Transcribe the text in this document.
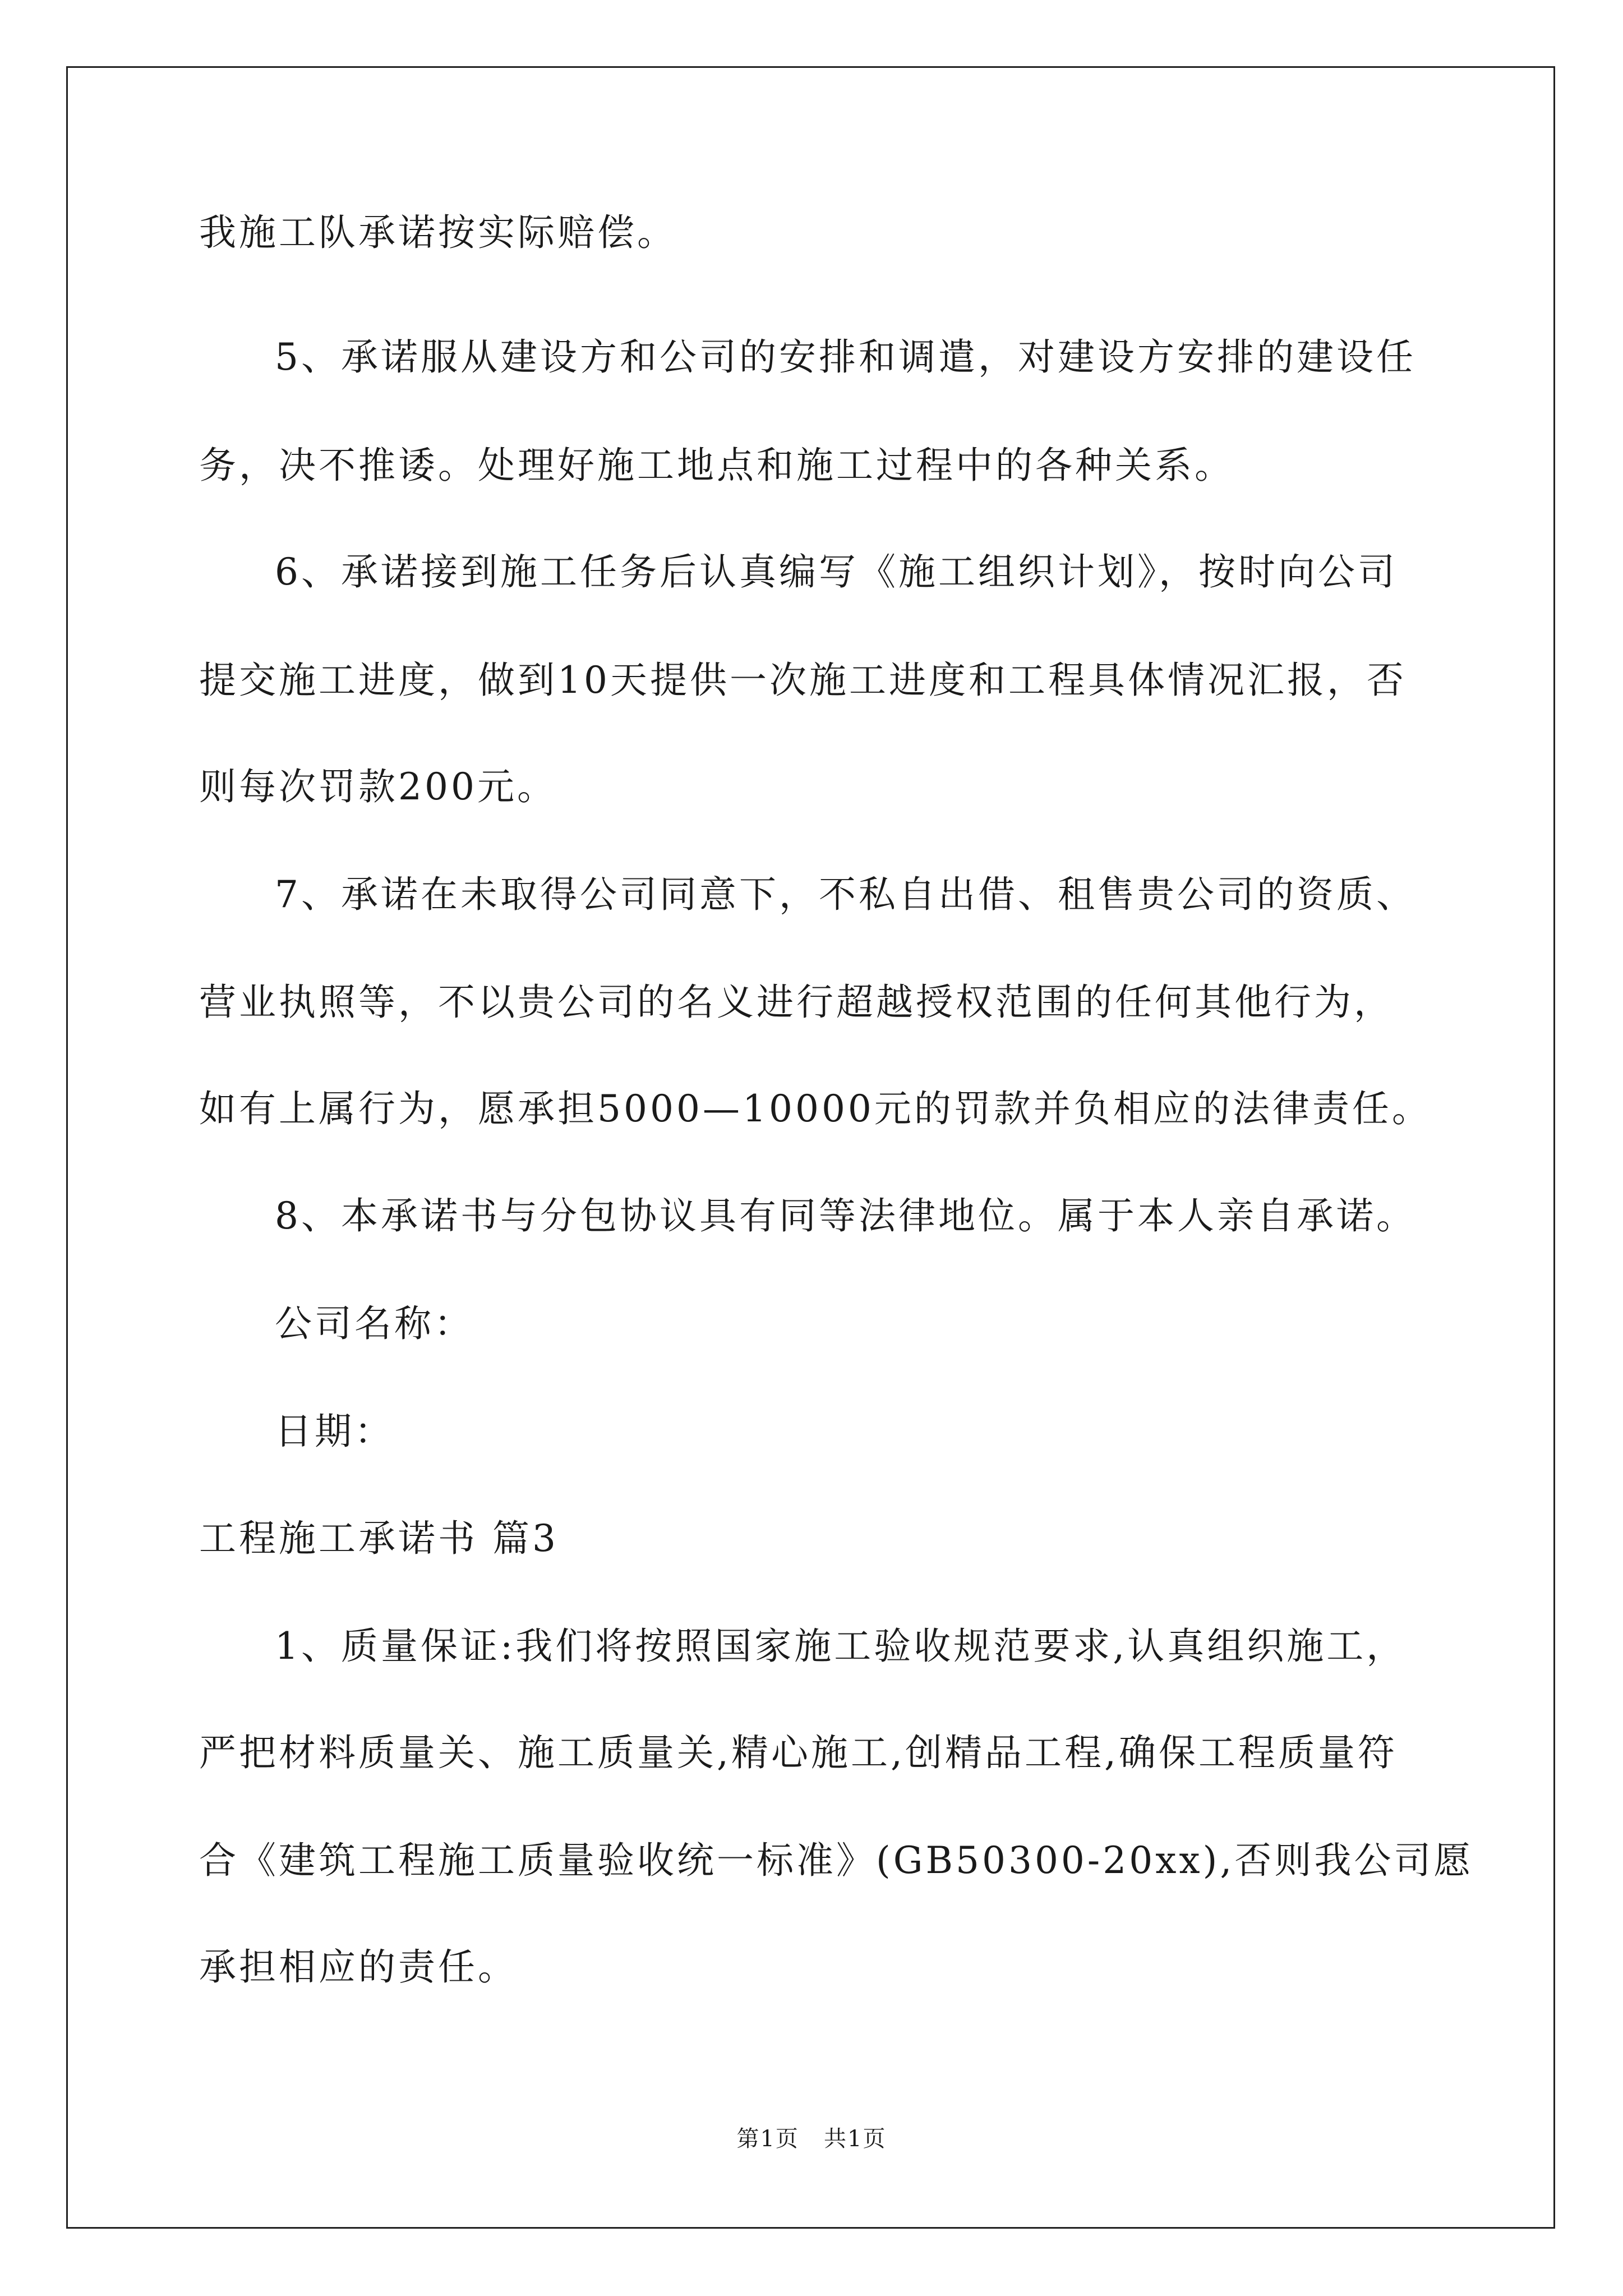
我施工队承诺按实际赔偿。
5、承诺服从建设方和公司的安排和调遣，对建设方安排的建设任
务，决不推诿。处理好施工地点和施工过程中的各种关系。
6、承诺接到施工任务后认真编写《施工组织计划》，按时向公司
提交施工进度，做到10天提供一次施工进度和工程具体情况汇报，否
则每次罚款200元。
7、承诺在未取得公司同意下，不私自出借、租售贵公司的资质、
营业执照等，不以贵公司的名义进行超越授权范围的任何其他行为，
如有上属行为，愿承担5000—10000元的罚款并负相应的法律责任。
8、本承诺书与分包协议具有同等法律地位。属于本人亲自承诺。
公司名称：
日期：
工程施工承诺书 篇3
1、质量保证:我们将按照国家施工验收规范要求,认真组织施工，
严把材料质量关、施工质量关,精心施工,创精品工程,确保工程质量符
合《建筑工程施工质量验收统一标准》(GB50300-20xx),否则我公司愿
承担相应的责任。
第1页   共1页
